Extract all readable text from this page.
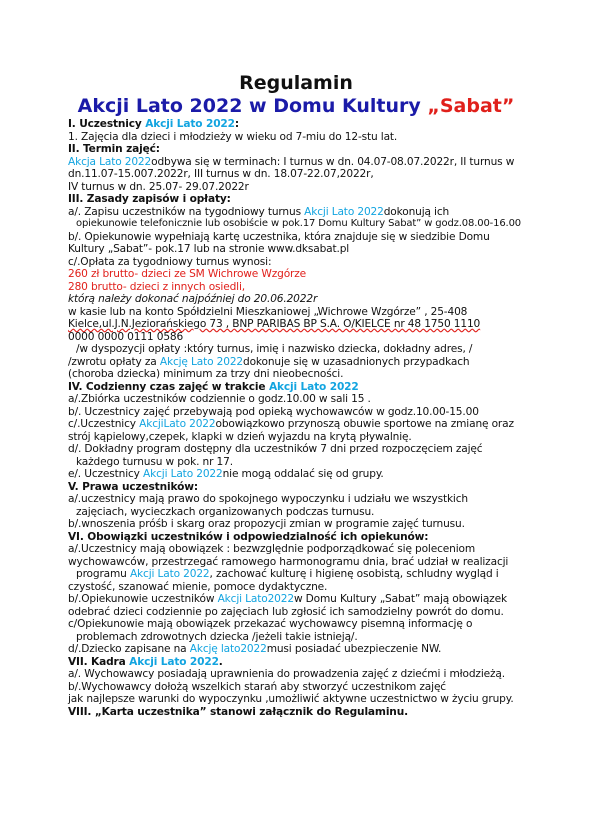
Regulamin
Akcji Lato 2022 w Domu Kultury „Sabat”
I. Uczestnicy Akcji Lato 2022:
1. Zajęcia dla dzieci i młodzieży w wieku od 7-miu do 12-stu lat.
II. Termin zajęć:
Akcja Lato 2022odbywa się w terminach: I turnus w dn. 04.07-08.07.2022r, II turnus w
dn.11.07-15.007.2022r, III turnus w dn. 18.07-22.07,2022r,
IV turnus w dn. 25.07- 29.07.2022r
III. Zasady zapisów i opłaty:
a/. Zapisu uczestników na tygodniowy turnus Akcji Lato 2022dokonują ich
opiekunowie telefonicznie lub osobiście w pok.17 Domu Kultury Sabat” w godz.08.00-16.00
b/. Opiekunowie wypełniają kartę uczestnika, która znajduje się w siedzibie Domu
Kultury „Sabat”- pok.17 lub na stronie www.dksabat.pl
c/.Opłata za tygodniowy turnus wynosi:
260 zł brutto- dzieci ze SM Wichrowe Wzgórze
280 brutto- dzieci z innych osiedli,
którą należy dokonać najpóźniej do 20.06.2022r
w kasie lub na konto Spółdzielni Mieszkaniowej „Wichrowe Wzgórze” , 25-408
Kielce,ul.J.N.Jeziorańskiego 73 , BNP PARIBAS BP S.A. O/KIELCE nr 48 1750 1110
0000 0000 0111 0586
/w dyspozycji opłaty :który turnus, imię i nazwisko dziecka, dokładny adres, /
/zwrotu opłaty za Akcję Lato 2022dokonuje się w uzasadnionych przypadkach
(choroba dziecka) minimum za trzy dni nieobecności.
IV. Codzienny czas zajęć w trakcie Akcji Lato 2022
a/.Zbiórka uczestników codziennie o godz.10.00 w sali 15 .
b/. Uczestnicy zajęć przebywają pod opieką wychowawców w godz.10.00-15.00
c/.Uczestnicy AkcjiLato 2022obowiązkowo przynoszą obuwie sportowe na zmianę oraz
strój kąpielowy,czepek, klapki w dzień wyjazdu na krytą pływalnię.
d/. Dokładny program dostępny dla uczestników 7 dni przed rozpoczęciem zajęć
każdego turnusu w pok. nr 17.
e/. Uczestnicy Akcji Lato 2022nie mogą oddalać się od grupy.
V. Prawa uczestników:
a/.uczestnicy mają prawo do spokojnego wypoczynku i udziału we wszystkich
zajęciach, wycieczkach organizowanych podczas turnusu.
b/.wnoszenia próśb i skarg oraz propozycji zmian w programie zajęć turnusu.
VI. Obowiązki uczestników i odpowiedzialność ich opiekunów:
a/.Uczestnicy mają obowiązek : bezwzględnie podporządkować się poleceniom
wychowawców, przestrzegać ramowego harmonogramu dnia, brać udział w realizacji
programu Akcji Lato 2022, zachować kulturę i higienę osobistą, schludny wygląd i
czystość, szanować mienie, pomoce dydaktyczne.
b/.Opiekunowie uczestników Akcji Lato2022w Domu Kultury „Sabat” mają obowiązek
odebrać dzieci codziennie po zajęciach lub zgłosić ich samodzielny powrót do domu.
c/Opiekunowie mają obowiązek przekazać wychowawcy pisemną informację o
problemach zdrowotnych dziecka /jeżeli takie istnieją/.
d/.Dziecko zapisane na Akcję lato2022musi posiadać ubezpieczenie NW.
VII. Kadra Akcji Lato 2022.
a/. Wychowawcy posiadają uprawnienia do prowadzenia zajęć z dziećmi i młodzieżą.
b/.Wychowawcy dołożą wszelkich starań aby stworzyć uczestnikom zajęć
jak najlepsze warunki do wypoczynku ,umożliwić aktywne uczestnictwo w życiu grupy.
VIII. „Karta uczestnika” stanowi załącznik do Regulaminu.
